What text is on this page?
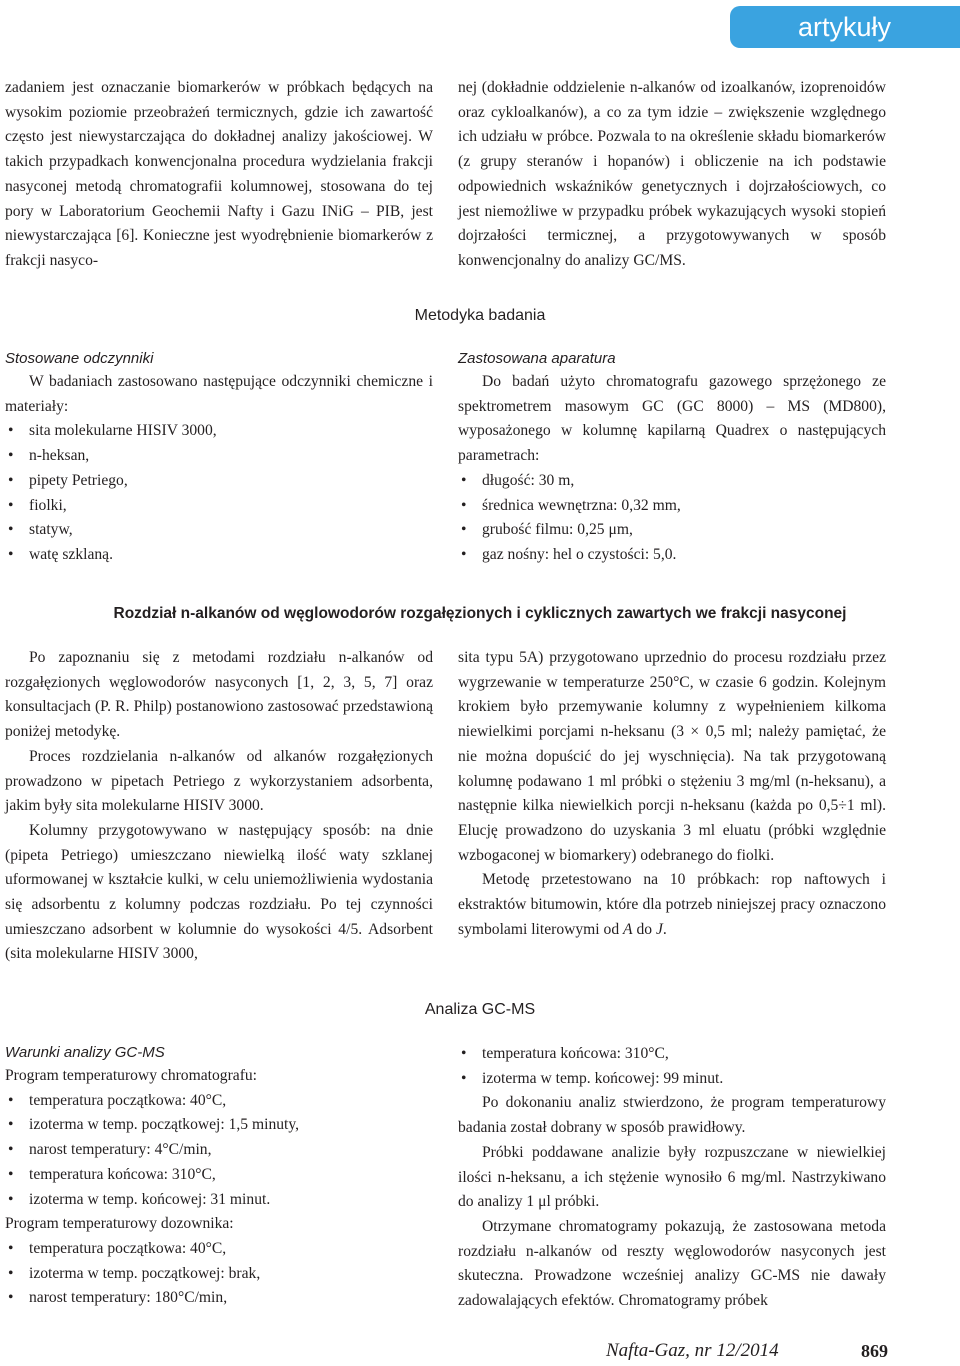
artykuły

zadaniem jest oznaczanie biomarkerów w próbkach będących na wysokim poziomie przeobrażeń termicznych, gdzie ich zawartość często jest niewystarczająca do dokładnej analizy jakościowej. W takich przypadkach konwencjonalna procedura wydzielania frakcji nasyconej metodą chromatografii kolumnowej, stosowana do tej pory w Laboratorium Geochemii Nafty i Gazu INiG – PIB, jest niewystarczająca [6]. Konieczne jest wyodrębnienie biomarkerów z frakcji nasyco-

nej (dokładnie oddzielenie n-alkanów od izoalkanów, izoprenoidów oraz cykloalkanów), a co za tym idzie – zwiększenie względnego ich udziału w próbce. Pozwala to na określenie składu biomarkerów (z grupy steranów i hopanów) i obliczenie na ich podstawie odpowiednich wskaźników genetycznych i dojrzałościowych, co jest niemożliwe w przypadku próbek wykazujących wysoki stopień dojrzałości termicznej, a przygotowywanych w sposób konwencjonalny do analizy GC/MS.

Metodyka badania

Stosowane odczynniki

W badaniach zastosowano następujące odczynniki chemiczne i materiały:

• sita molekularne HISIV 3000,
• n-heksan,
• pipety Petriego,
• fiolki,
• statyw,
• watę szklaną.

Zastosowana aparatura

Do badań użyto chromatografu gazowego sprzężonego ze spektrometrem masowym GC (GC 8000) – MS (MD800), wyposażonego w kolumnę kapilarną Quadrex o następujących parametrach:

• długość: 30 m,
• średnica wewnętrzna: 0,32 mm,
• grubość filmu: 0,25 μm,
• gaz nośny: hel o czystości: 5,0.
Rozdział n-alkanów od węglowodorów rozgałęzionych i cyklicznych zawartych we frakcji nasyconej

Po zapoznaniu się z metodami rozdziału n-alkanów od rozgałęzionych węglowodorów nasyconych [1, 2, 3, 5, 7] oraz konsultacjach (P. R. Philp) postanowiono zastosować przedstawioną poniżej metodykę.

Proces rozdzielania n-alkanów od alkanów rozgałęzionych prowadzono w pipetach Petriego z wykorzystaniem adsorbenta, jakim były sita molekularne HISIV 3000.

Kolumny przygotowywano w następujący sposób: na dnie (pipeta Petriego) umieszczano niewielką ilość waty szklanej uformowanej w kształcie kulki, w celu uniemożliwienia wydostania się adsorbentu z kolumny podczas rozdziału. Po tej czynności umieszczano adsorbent w kolumnie do wysokości 4/5. Adsorbent (sita molekularne HISIV 3000,

sita typu 5A) przygotowano uprzednio do procesu rozdziału przez wygrzewanie w temperaturze 250°C, w czasie 6 godzin. Kolejnym krokiem było przemywanie kolumny z wypełnieniem kilkoma niewielkimi porcjami n-heksanu (3 × 0,5 ml; należy pamiętać, że nie można dopuścić do jej wyschnięcia). Na tak przygotowaną kolumnę podawano 1 ml próbki o stężeniu 3 mg/ml (n-heksanu), a następnie kilka niewielkich porcji n-heksanu (każda po 0,5÷1 ml). Elucję prowadzono do uzyskania 3 ml eluatu (próbki względnie wzbogaconej w biomarkery) odebranego do fiolki.

Metodę przetestowano na 10 próbkach: rop naftowych i ekstraktów bitumowin, które dla potrzeb niniejszej pracy oznaczono symbolami literowymi od A do J.

Analiza GC-MS

Warunki analizy GC-MS

Program temperaturowy chromatografu:

• temperatura początkowa: 40°C,
• izoterma w temp. początkowej: 1,5 minuty,
• narost temperatury: 4°C/min,
• temperatura końcowa: 310°C,
• izoterma w temp. końcowej: 31 minut.

Program temperaturowy dozownika:

• temperatura początkowa: 40°C,
• izoterma w temp. początkowej: brak,
• narost temperatury: 180°C/min,
• temperatura końcowa: 310°C,
• izoterma w temp. końcowej: 99 minut.

Po dokonaniu analiz stwierdzono, że program temperaturowy badania został dobrany w sposób prawidłowy.

Próbki poddawane analizie były rozpuszczane w niewielkiej ilości n-heksanu, a ich stężenie wynosiło 6 mg/ml. Nastrzykiwano do analizy 1 μl próbki.

Otrzymane chromatogramy pokazują, że zastosowana metoda rozdziału n-alkanów od reszty węglowodorów nasyconych jest skuteczna. Prowadzone wcześniej analizy GC-MS nie dawały zadowalających efektów. Chromatogramy próbek

Nafta-Gaz, nr 12/2014	869
